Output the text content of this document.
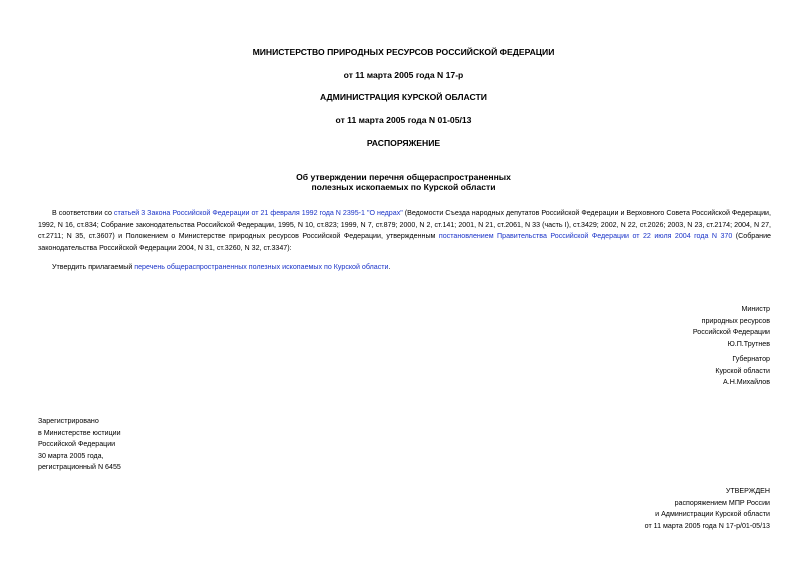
МИНИСТЕРСТВО ПРИРОДНЫХ РЕСУРСОВ РОССИЙСКОЙ ФЕДЕРАЦИИ
от 11 марта 2005 года N 17-р
АДМИНИСТРАЦИЯ КУРСКОЙ ОБЛАСТИ
от 11 марта 2005 года N 01-05/13
РАСПОРЯЖЕНИЕ
Об утверждении перечня общераспространенных
полезных ископаемых по Курской области
В соответствии со статьей 3 Закона Российской Федерации от 21 февраля 1992 года N 2395-1 "О недрах" (Ведомости Съезда народных депутатов Российской Федерации и Верховного Совета Российской Федерации, 1992, N 16, ст.834; Собрание законодательства Российской Федерации, 1995, N 10, ст.823; 1999, N 7, ст.879; 2000, N 2, ст.141; 2001, N 21, ст.2061, N 33 (часть I), ст.3429; 2002, N 22, ст.2026; 2003, N 23, ст.2174; 2004, N 27, ст.2711; N 35, ст.3607) и Положением о Министерстве природных ресурсов Российской Федерации, утвержденным постановлением Правительства Российской Федерации от 22 июля 2004 года N 370 (Собрание законодательства Российской Федерации 2004, N 31, ст.3260, N 32, ст.3347):
Утвердить прилагаемый перечень общераспространенных полезных ископаемых по Курской области.
Министр
природных ресурсов
Российской Федерации
Ю.П.Трутнев
Губернатор
Курской области
А.Н.Михайлов
Зарегистрировано
в Министерстве юстиции
Российской Федерации
30 марта 2005 года,
регистрационный N 6455
УТВЕРЖДЕН
распоряжением МПР России
и Администрации Курской области
от 11 марта 2005 года N 17-р/01-05/13
